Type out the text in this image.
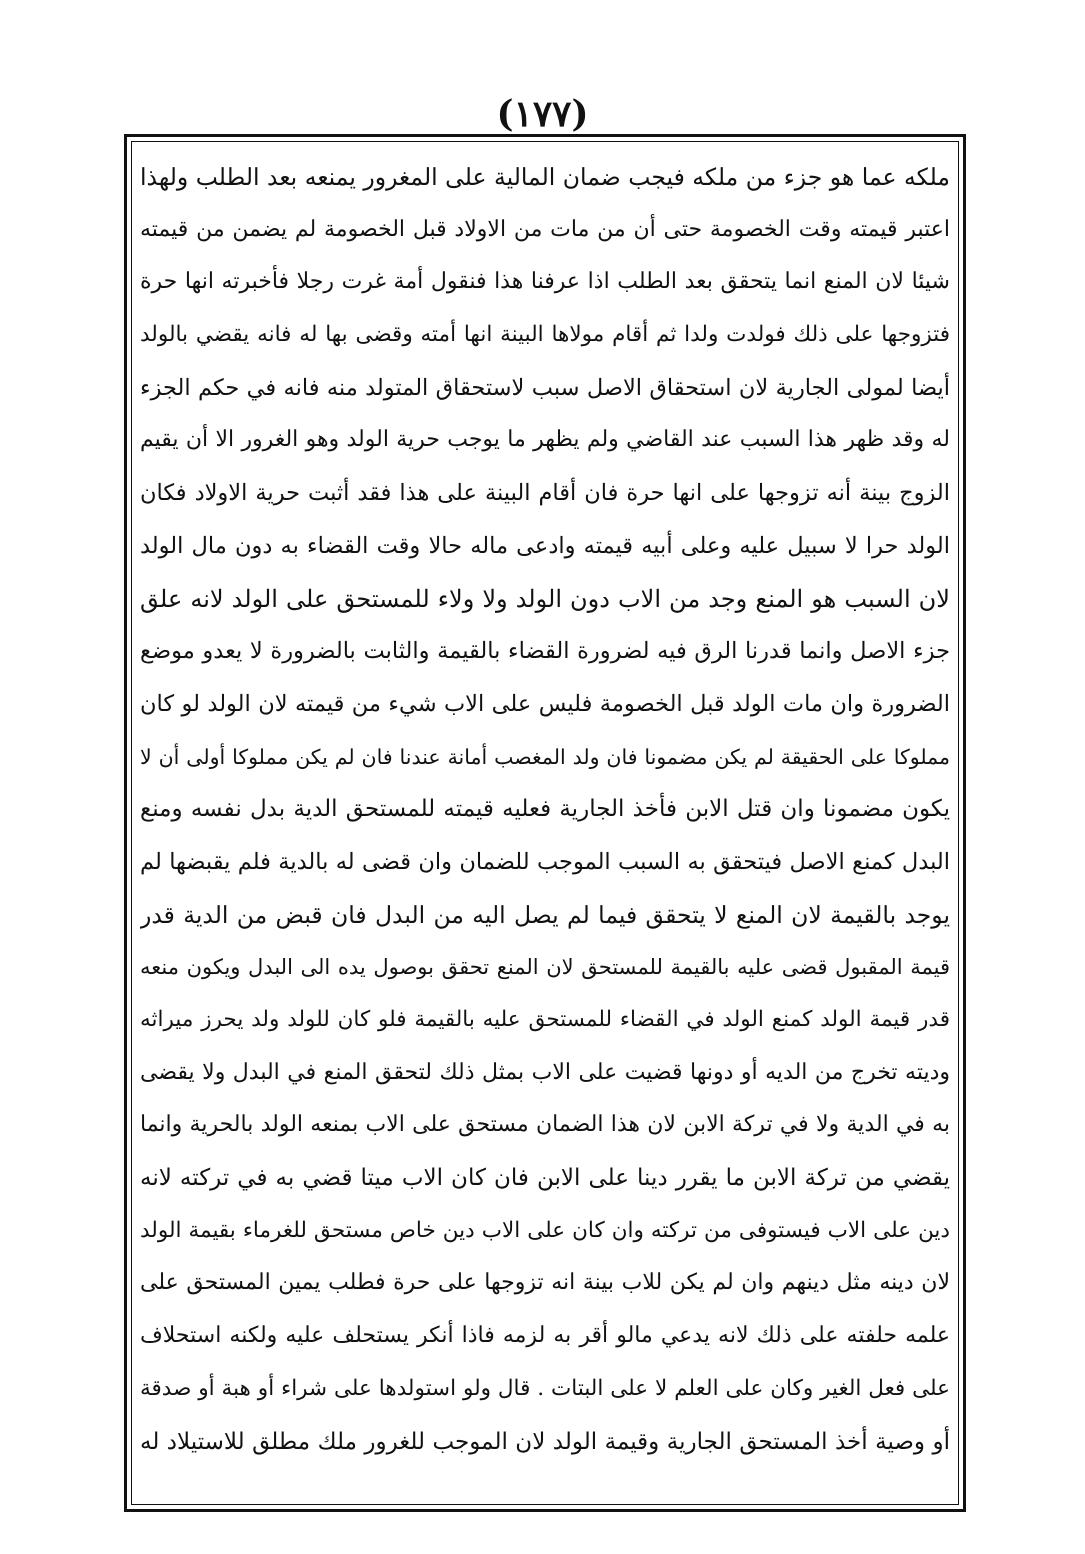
(١٧٧)
ملكه عما هو جزء من ملكه فيجب ضمان المالية على المغرور يمنعه بعد الطلب ولهذا
اعتبر قيمته وقت الخصومة حتى أن من مات من الاولاد قبل الخصومة لم يضمن من قيمته
شيئا لان المنع انما يتحقق بعد الطلب اذا عرفنا هذا فنقول أمة غرت رجلا فأخبرته انها حرة
فتزوجها على ذلك فولدت ولدا ثم أقام مولاها البينة انها أمته وقضى بها له فانه يقضي بالولد
أيضا لمولى الجارية لان استحقاق الاصل سبب لاستحقاق المتولد منه فانه في حكم الجزء
له وقد ظهر هذا السبب عند القاضي ولم يظهر ما يوجب حرية الولد وهو الغرور الا أن يقيم
الزوج بينة أنه تزوجها على انها حرة فان أقام البينة على هذا فقد أثبت حرية الاولاد فكان
الولد حرا لا سبيل عليه وعلى أبيه قيمته وادعى ماله حالا وقت القضاء به دون مال الولد
لان السبب هو المنع وجد من الاب دون الولد ولا ولاء للمستحق على الولد لانه علق
جزء الاصل وانما قدرنا الرق فيه لضرورة القضاء بالقيمة والثابت بالضرورة لا يعدو موضع
الضرورة وان مات الولد قبل الخصومة فليس على الاب شيء من قيمته لان الولد لو كان
مملوكا على الحقيقة لم يكن مضمونا فان ولد المغصب أمانة عندنا فان لم يكن مملوكا أولى أن لا
يكون مضمونا وان قتل الابن فأخذ الجارية فعليه قيمته للمستحق الدية بدل نفسه ومنع
البدل كمنع الاصل فيتحقق به السبب الموجب للضمان وان قضى له بالدية فلم يقبضها لم
يوجد بالقيمة لان المنع لا يتحقق فيما لم يصل اليه من البدل فان قبض من الدية قدر
قيمة المقبول قضى عليه بالقيمة للمستحق لان المنع تحقق بوصول يده الى البدل ويكون منعه
قدر قيمة الولد كمنع الولد في القضاء للمستحق عليه بالقيمة فلو كان للولد ولد يحرز ميراثه
وديته تخرج من الديه أو دونها قضيت على الاب بمثل ذلك لتحقق المنع في البدل ولا يقضى
به في الدية ولا في تركة الابن لان هذا الضمان مستحق على الاب بمنعه الولد بالحرية وانما
يقضي من تركة الابن ما يقرر دينا على الابن فان كان الاب ميتا قضي به في تركته لانه
دين على الاب فيستوفى من تركته وان كان على الاب دين خاص مستحق للغرماء بقيمة الولد
لان دينه مثل دينهم وان لم يكن للاب بينة انه تزوجها على حرة فطلب يمين المستحق على
علمه حلفته على ذلك لانه يدعي مالو أقر به لزمه فاذا أنكر يستحلف عليه ولكنه استحلاف
على فعل الغير وكان على العلم لا على البتات . قال ولو استولدها على شراء أو هبة أو صدقة
أو وصية أخذ المستحق الجارية وقيمة الولد لان الموجب للغرور ملك مطلق للاستيلاد له
